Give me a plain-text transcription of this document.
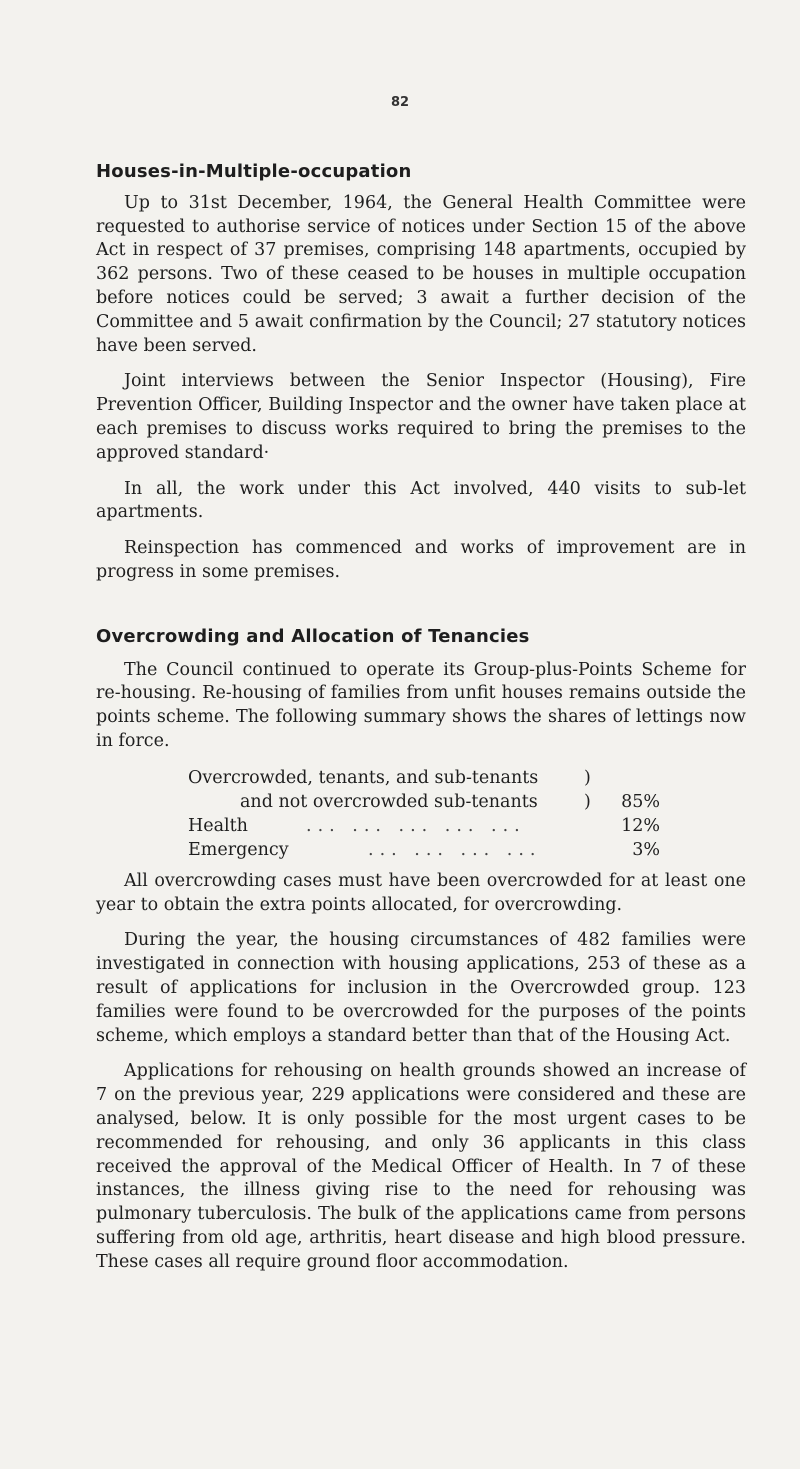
82
Houses-in-Multiple-occupation

Up to 31st December, 1964, the General Health Committee were requested to authorise service of notices under Section 15 of the above Act in respect of 37 premises, comprising 148 apartments, occupied by 362 persons. Two of these ceased to be houses in multiple occupation before notices could be served; 3 await a further decision of the Committee and 5 await confirmation by the Council; 27 statutory notices have been served.

Joint interviews between the Senior Inspector (Housing), Fire Prevention Officer, Building Inspector and the owner have taken place at each premises to discuss works required to bring the premises to the approved standard·

In all, the work under this Act involved, 440 visits to sub-let apartments.

Reinspection has commenced and works of improvement are in progress in some premises.

Overcrowding and Allocation of Tenancies

The Council continued to operate its Group-plus-Points Scheme for re-housing. Re-housing of families from unfit houses remains outside the points scheme. The following summary shows the shares of lettings now in force.

Overcrowded, tenants, and sub-tenants	)
and not overcrowded sub-tenants	) 85%
Health	... ... ... ... ...	12%
Emergency	... ... ... ...	3%

All overcrowding cases must have been overcrowded for at least one year to obtain the extra points allocated, for overcrowding.

During the year, the housing circumstances of 482 families were investigated in connection with housing applications, 253 of these as a result of applications for inclusion in the Overcrowded group. 123 families were found to be overcrowded for the purposes of the points scheme, which employs a standard better than that of the Housing Act.

Applications for rehousing on health grounds showed an increase of 7 on the previous year, 229 applications were considered and these are analysed, below. It is only possible for the most urgent cases to be recommended for rehousing, and only 36 applicants in this class received the approval of the Medical Officer of Health. In 7 of these instances, the illness giving rise to the need for rehousing was pulmonary tuberculosis. The bulk of the applications came from persons suffering from old age, arthritis, heart disease and high blood pressure. These cases all require ground floor accommodation.
